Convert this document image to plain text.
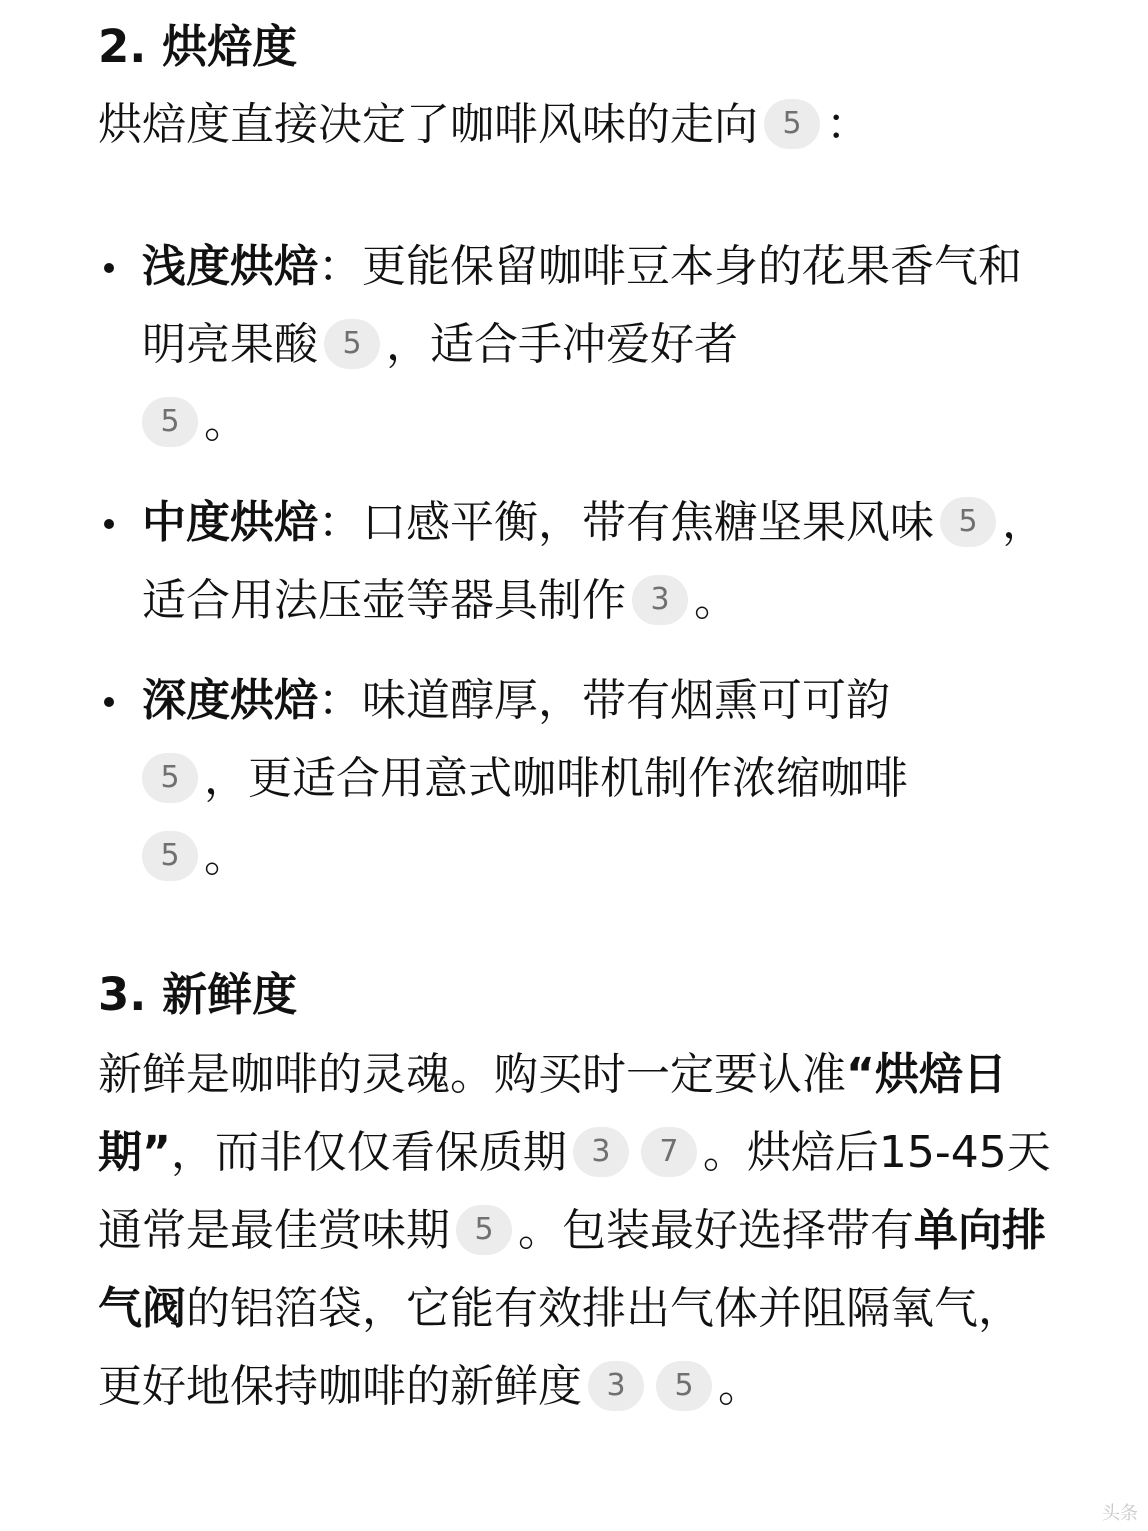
2. 烘焙度

烘焙度直接决定了咖啡风味的走向 5 ：

浅度烘焙：更能保留咖啡豆本身的花果香气和明亮果酸 5 ，适合手冲爱好者
5 。
中度烘焙：口感平衡，带有焦糖坚果风味 5 ，适合用法压壶等器具制作 3 。
深度烘焙：味道醇厚，带有烟熏可可韵
5 ，更适合用意式咖啡机制作浓缩咖啡
5 。
3. 新鲜度

新鲜是咖啡的灵魂。购买时一定要认准“烘焙日期”，而非仅仅看保质期 3 7 。烘焙后15-45天通常是最佳赏味期 5 。包装最好选择带有单向排气阀的铝箔袋，它能有效排出气体并阻隔氧气，更好地保持咖啡的新鲜度 3 5 。

头条
